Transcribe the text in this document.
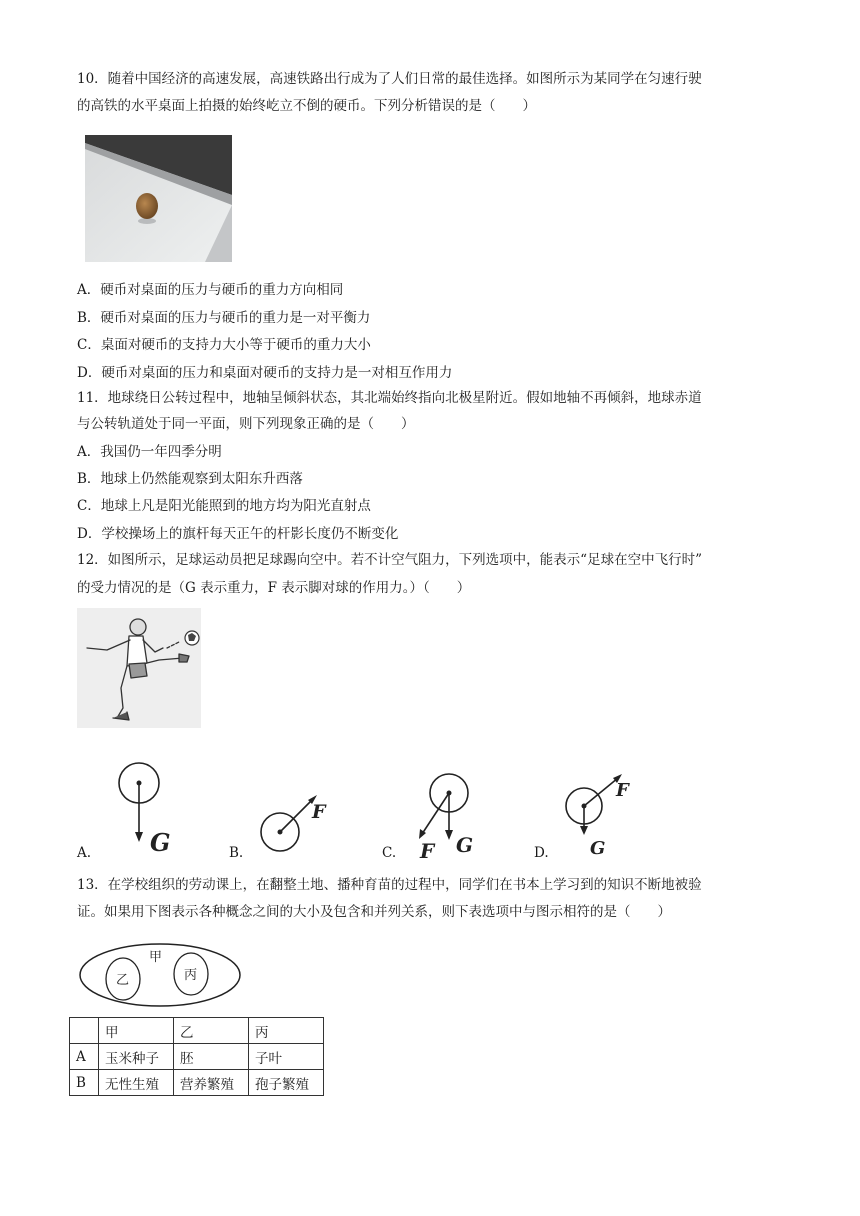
10．随着中国经济的高速发展，高速铁路出行成为了人们日常的最佳选择。如图所示为某同学在匀速行驶
的高铁的水平桌面上拍摄的始终屹立不倒的硬币。下列分析错误的是（　　）
A．硬币对桌面的压力与硬币的重力方向相同
B．硬币对桌面的压力与硬币的重力是一对平衡力
C．桌面对硬币的支持力大小等于硬币的重力大小
D．硬币对桌面的压力和桌面对硬币的支持力是一对相互作用力
11．地球绕日公转过程中，地轴呈倾斜状态，其北端始终指向北极星附近。假如地轴不再倾斜，地球赤道
与公转轨道处于同一平面，则下列现象正确的是（　　）
A．我国仍一年四季分明
B．地球上仍然能观察到太阳东升西落
C．地球上凡是阳光能照到的地方均为阳光直射点
D．学校操场上的旗杆每天正午的杆影长度仍不断变化
12．如图所示，足球运动员把足球踢向空中。若不计空气阻力，下列选项中，能表示“足球在空中飞行时”
的受力情况的是（G 表示重力，F 表示脚对球的作用力。）（　　）
A. G	B.
F
C. F G	D. G
F
13．在学校组织的劳动课上，在翻整土地、播种育苗的过程中，同学们在书本上学习到的知识不断地被验
证。如果用下图表示各种概念之间的大小及包含和并列关系，则下表选项中与图示相符的是（　　）
甲
乙	丙
	甲	乙	丙
A	玉米种子	胚	子叶
B	无性生殖	营养繁殖	孢子繁殖
